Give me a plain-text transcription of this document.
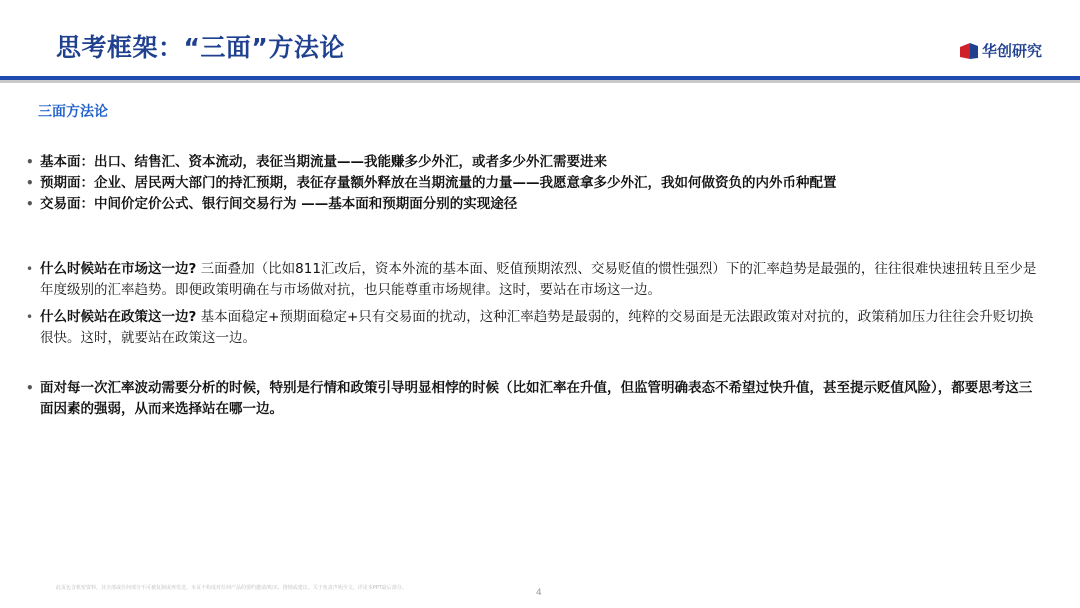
思考框架：“三面”方法论	华创研究
三面方法论
• 基本面：出口、结售汇、资本流动，表征当期流量——我能赚多少外汇，或者多少外汇需要进来
• 预期面：企业、居民两大部门的持汇预期，表征存量额外释放在当期流量的力量——我愿意拿多少外汇，我如何做资负的内外币种配置
• 交易面：中间价定价公式、银行间交易行为 ——基本面和预期面分别的实现途径
• 什么时候站在市场这一边? 三面叠加（比如811汇改后，资本外流的基本面、贬值预期浓烈、交易贬值的惯性强烈）下的汇率趋势是最强的，往往很难快速扭转且至少是年度级别的汇率趋势。即便政策明确在与市场做对抗，也只能尊重市场规律。这时，要站在市场这一边。
• 什么时候站在政策这一边? 基本面稳定+预期面稳定+只有交易面的扰动，这种汇率趋势是最弱的，纯粹的交易面是无法跟政策对对抗的，政策稍加压力往往会升贬切换很快。这时，就要站在政策这一边。
• 面对每一次汇率波动需要分析的时候，特别是行情和政策引导明显相悖的时候（比如汇率在升值，但监管明确表态不希望过快升值，甚至提示贬值风险），都要思考这三面因素的强弱，从而来选择站在哪一边。
此页包含机密资料，其全部或任何部分不可被复制或再发送。本页不构成对任何产品的要约邀请/购买、推销或建议。关于免责声明全文，详见本PPT最后部分。	4
